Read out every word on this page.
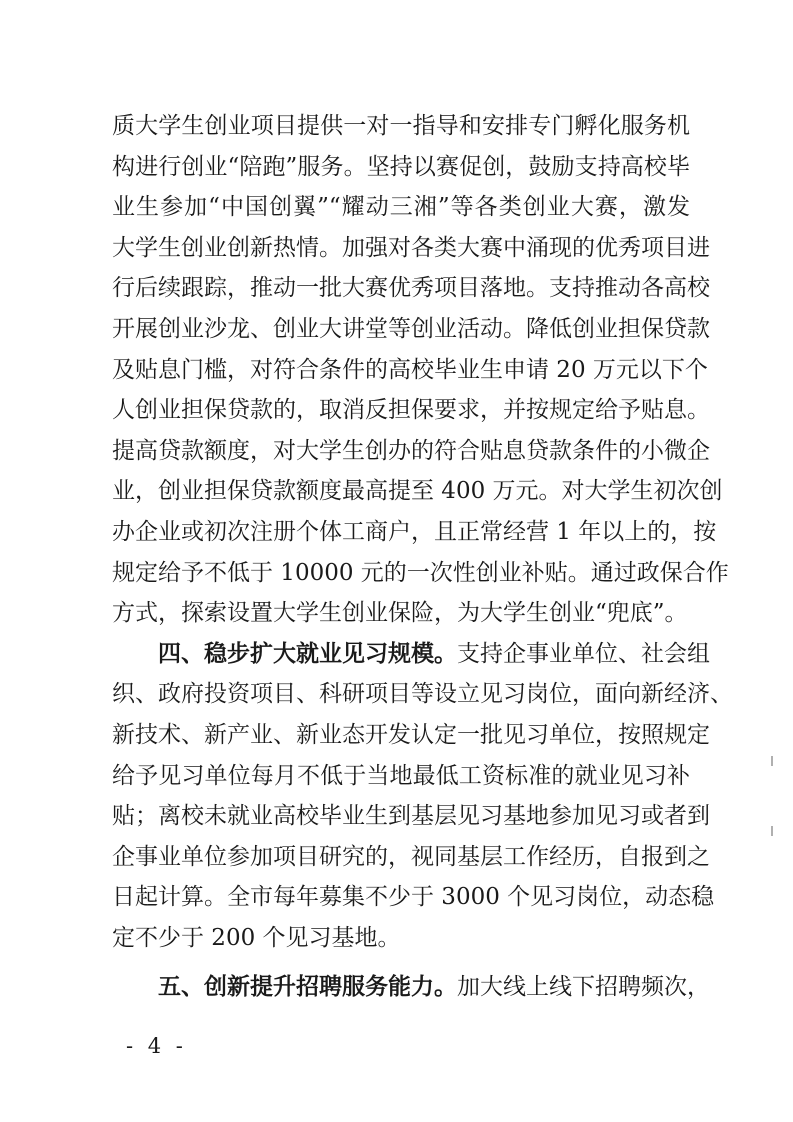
质大学生创业项目提供一对一指导和安排专门孵化服务机
构进行创业“陪跑”服务。坚持以赛促创，鼓励支持高校毕
业生参加“中国创翼”“耀动三湘”等各类创业大赛，激发
大学生创业创新热情。加强对各类大赛中涌现的优秀项目进
行后续跟踪，推动一批大赛优秀项目落地。支持推动各高校
开展创业沙龙、创业大讲堂等创业活动。降低创业担保贷款
及贴息门槛，对符合条件的高校毕业生申请 20 万元以下个
人创业担保贷款的，取消反担保要求，并按规定给予贴息。
提高贷款额度，对大学生创办的符合贴息贷款条件的小微企
业，创业担保贷款额度最高提至 400 万元。对大学生初次创
办企业或初次注册个体工商户，且正常经营 1 年以上的，按
规定给予不低于 10000 元的一次性创业补贴。通过政保合作
方式，探索设置大学生创业保险，为大学生创业“兜底”。
四、稳步扩大就业见习规模。支持企事业单位、社会组
织、政府投资项目、科研项目等设立见习岗位，面向新经济、
新技术、新产业、新业态开发认定一批见习单位，按照规定
给予见习单位每月不低于当地最低工资标准的就业见习补
贴；离校未就业高校毕业生到基层见习基地参加见习或者到
企事业单位参加项目研究的，视同基层工作经历，自报到之
日起计算。全市每年募集不少于 3000 个见习岗位，动态稳
定不少于 200 个见习基地。
- 4 -
五、创新提升招聘服务能力。加大线上线下招聘频次，
